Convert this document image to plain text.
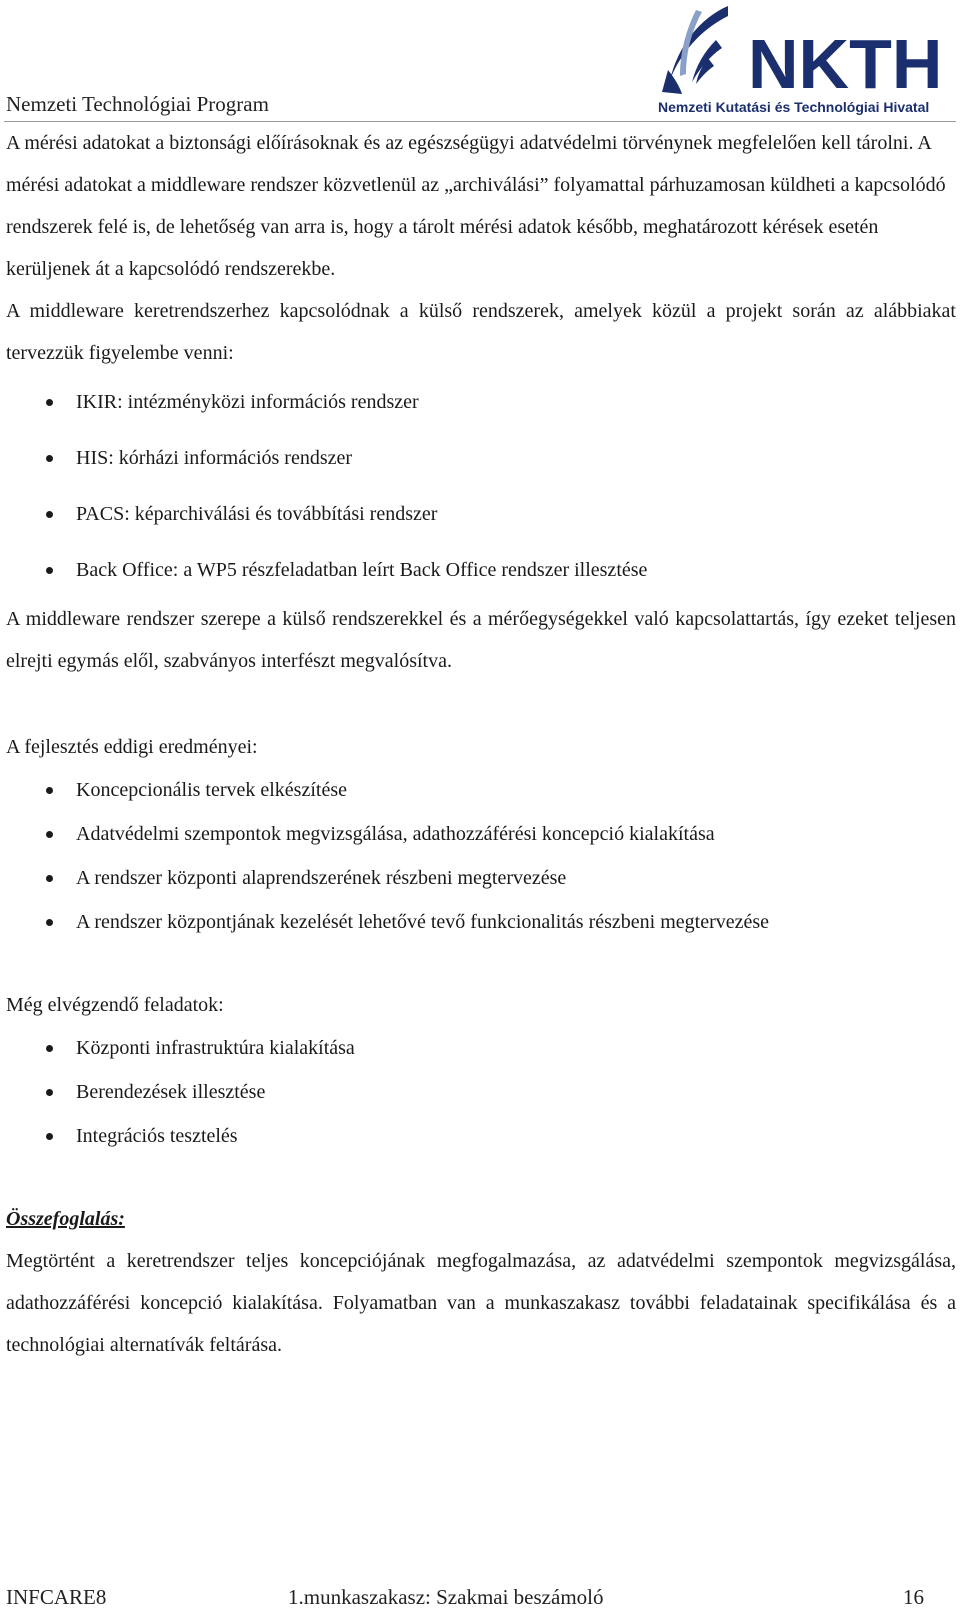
Nemzeti Technológiai Program
NKTH
Nemzeti Kutatási és Technológiai Hivatal

A mérési adatokat a biztonsági előírásoknak és az egészségügyi adatvédelmi törvénynek megfelelően kell tárolni. A mérési adatokat a middleware rendszer közvetlenül az „archiválási” folyamattal párhuzamosan küldheti a kapcsolódó rendszerek felé is, de lehetőség van arra is, hogy a tárolt mérési adatok később, meghatározott kérések esetén kerüljenek át a kapcsolódó rendszerekbe.

A middleware keretrendszerhez kapcsolódnak a külső rendszerek, amelyek közül a projekt során az alábbiakat tervezzük figyelembe venni:

IKIR: intézményközi információs rendszer
HIS: kórházi információs rendszer
PACS: képarchiválási és továbbítási rendszer
Back Office: a WP5 részfeladatban leírt Back Office rendszer illesztése

A middleware rendszer szerepe a külső rendszerekkel és a mérőegységekkel való kapcsolattartás, így ezeket teljesen elrejti egymás elől, szabványos interfészt megvalósítva.

A fejlesztés eddigi eredményei:

Koncepcionális tervek elkészítése
Adatvédelmi szempontok megvizsgálása, adathozzáférési koncepció kialakítása
A rendszer központi alaprendszerének részbeni megtervezése
A rendszer központjának kezelését lehetővé tevő funkcionalitás részbeni megtervezése

Még elvégzendő feladatok:

Központi infrastruktúra kialakítása
Berendezések illesztése
Integrációs tesztelés

Összefoglalás:

Megtörtént a keretrendszer teljes koncepciójának megfogalmazása, az adatvédelmi szempontok megvizsgálása, adathozzáférési koncepció kialakítása. Folyamatban van a munkaszakasz további feladatainak specifikálása és a technológiai alternatívák feltárása.

INFCARE8	1.munkaszakasz: Szakmai beszámoló	16
